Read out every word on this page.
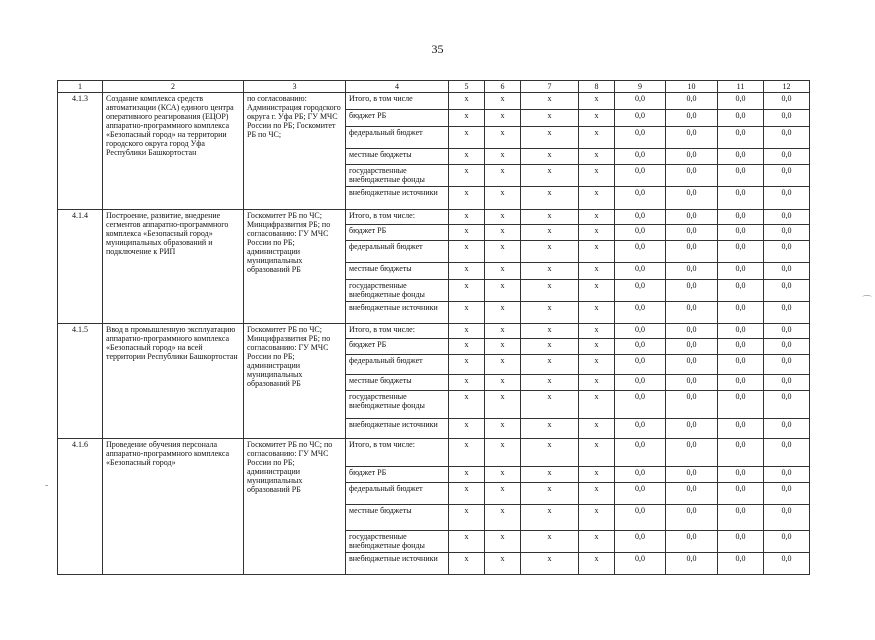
35
1	2	3	4	5	6	7	8	9	10	11	12
4.1.3	Создание комплекса средств автоматизации (КСА) единого центра оперативного реагирования (ЕЦОР) аппаратно-программного комплекса «Безопасный город» на территории городского округа город Уфа Республики Башкортостан	по согласованию: Администрация городского округа г. Уфа РБ; ГУ МЧС России по РБ; Госкомитет РБ по ЧС;	Итого, в том числе	x	x	x	x	0,0	0,0	0,0	0,0
			бюджет РБ	x	x	x	x	0,0	0,0	0,0	0,0
			федеральный бюджет	x	x	x	x	0,0	0,0	0,0	0,0
			местные бюджеты	x	x	x	x	0,0	0,0	0,0	0,0
			государственные внебюджетные фонды	x	x	x	x	0,0	0,0	0,0	0,0
			внебюджетные источники	x	x	x	x	0,0	0,0	0,0	0,0
4.1.4	Построение, развитие, внедрение сегментов аппаратно-программного комплекса «Безопасный город» муниципальных образований и подключение к РИП	Госкомитет РБ по ЧС; Минцифразвития РБ; по согласованию: ГУ МЧС России по РБ; администрации муниципальных образований РБ	Итого, в том числе:	x	x	x	x	0,0	0,0	0,0	0,0
			бюджет РБ	x	x	x	x	0,0	0,0	0,0	0,0
			федеральный бюджет	x	x	x	x	0,0	0,0	0,0	0,0
			местные бюджеты	x	x	x	x	0,0	0,0	0,0	0,0
			государственные внебюджетные фонды	x	x	x	x	0,0	0,0	0,0	0,0
			внебюджетные источники	x	x	x	x	0,0	0,0	0,0	0,0
4.1.5	Ввод в промышленную эксплуатацию аппаратно-программного комплекса «Безопасный город» на всей территории Республики Башкортостан	Госкомитет РБ по ЧС; Минцифразвития РБ; по согласованию: ГУ МЧС России по РБ; администрации муниципальных образований РБ	Итого, в том числе:	x	x	x	x	0,0	0,0	0,0	0,0
			бюджет РБ	x	x	x	x	0,0	0,0	0,0	0,0
			федеральный бюджет	x	x	x	x	0,0	0,0	0,0	0,0
			местные бюджеты	x	x	x	x	0,0	0,0	0,0	0,0
			государственные внебюджетные фонды	x	x	x	x	0,0	0,0	0,0	0,0
			внебюджетные источники	x	x	x	x	0,0	0,0	0,0	0,0
4.1.6	Проведение обучения персонала аппаратно-программного комплекса «Безопасный город»	Госкомитет РБ по ЧС; по согласованию: ГУ МЧС России по РБ; администрации муниципальных образований РБ	Итого, в том числе:	x	x	x	x	0,0	0,0	0,0	0,0
			бюджет РБ	x	x	x	x	0,0	0,0	0,0	0,0
			федеральный бюджет	x	x	x	x	0,0	0,0	0,0	0,0
			местные бюджеты	x	x	x	x	0,0	0,0	0,0	0,0
			государственные внебюджетные фонды	x	x	x	x	0,0	0,0	0,0	0,0
			внебюджетные источники	x	x	x	x	0,0	0,0	0,0	0,0
⌒
-
